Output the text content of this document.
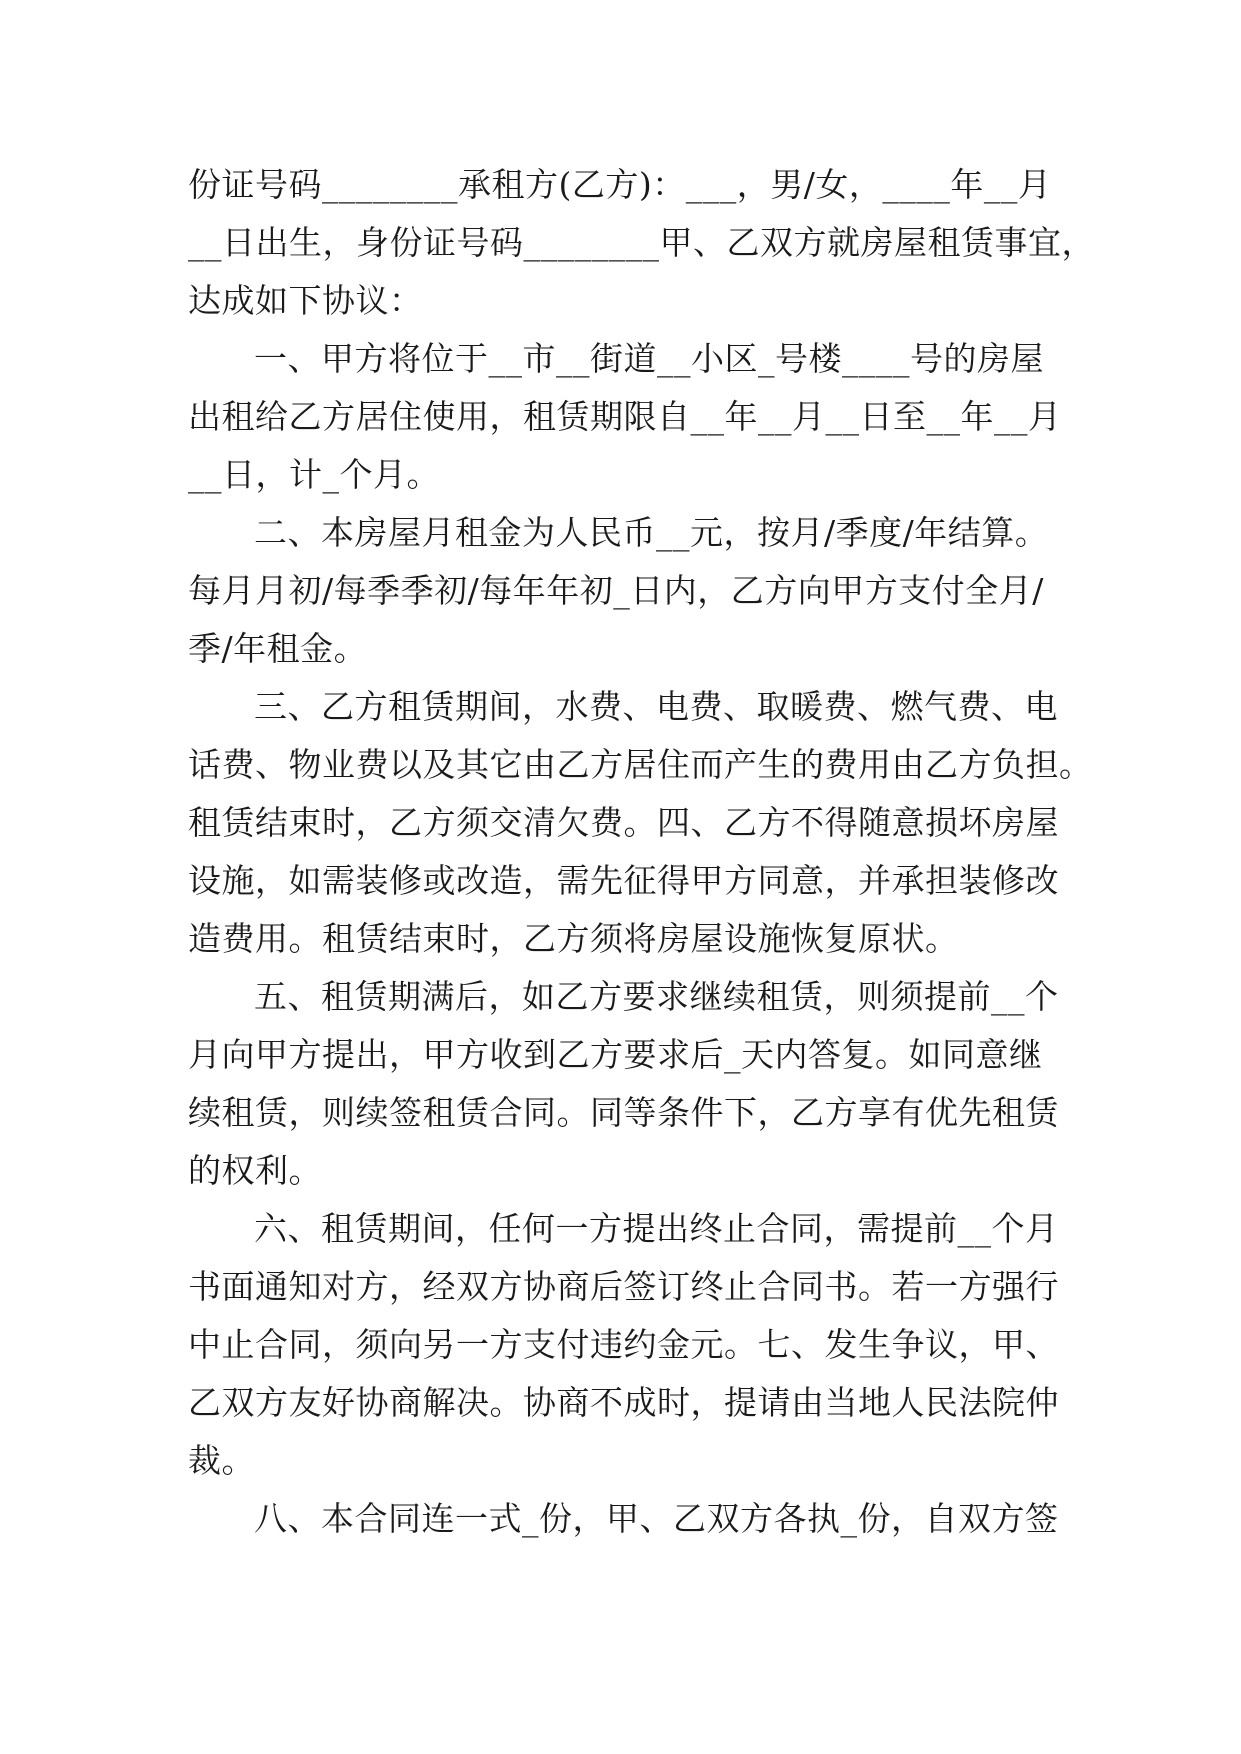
份证号码________承租方(乙方)：___，男/女，____年__月
__日出生，身份证号码________甲、乙双方就房屋租赁事宜，
达成如下协议：
一、甲方将位于__市__街道__小区_号楼____号的房屋
出租给乙方居住使用，租赁期限自__年__月__日至__年__月
__日，计_个月。
二、本房屋月租金为人民币__元，按月/季度/年结算。
每月月初/每季季初/每年年初_日内，乙方向甲方支付全月/
季/年租金。
三、乙方租赁期间，水费、电费、取暖费、燃气费、电
话费、物业费以及其它由乙方居住而产生的费用由乙方负担。
租赁结束时，乙方须交清欠费。四、乙方不得随意损坏房屋
设施，如需装修或改造，需先征得甲方同意，并承担装修改
造费用。租赁结束时，乙方须将房屋设施恢复原状。
五、租赁期满后，如乙方要求继续租赁，则须提前__个
月向甲方提出，甲方收到乙方要求后_天内答复。如同意继
续租赁，则续签租赁合同。同等条件下，乙方享有优先租赁
的权利。
六、租赁期间，任何一方提出终止合同，需提前__个月
书面通知对方，经双方协商后签订终止合同书。若一方强行
中止合同，须向另一方支付违约金元。七、发生争议，甲、
乙双方友好协商解决。协商不成时，提请由当地人民法院仲
裁。
八、本合同连一式_份，甲、乙双方各执_份，自双方签
